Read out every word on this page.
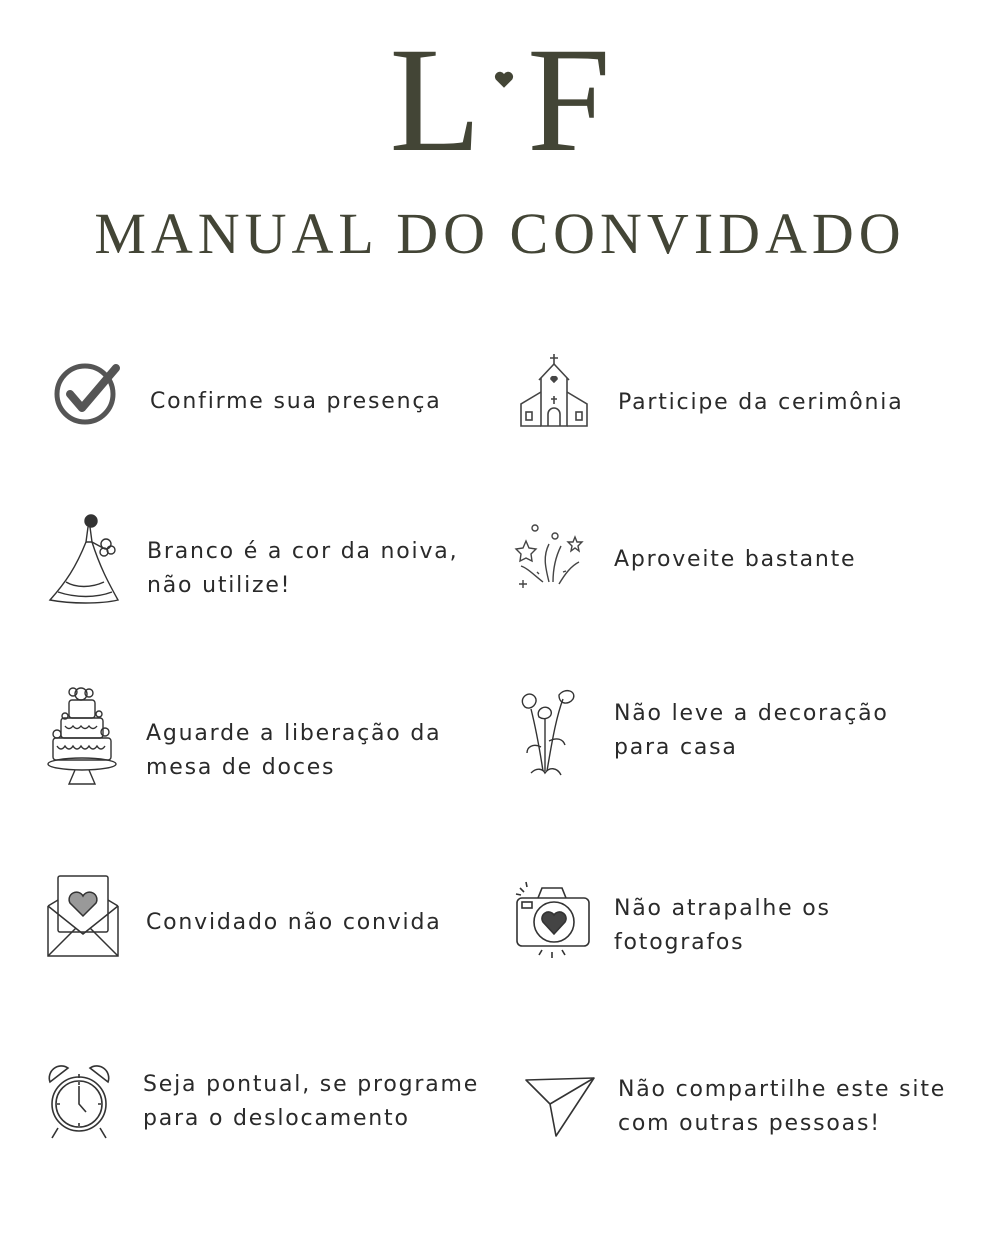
L F
MANUAL DO CONVIDADO
Confirme sua presença	Participe da cerimônia
Branco é a cor da noiva,
não utilize!
Aproveite bastante
Aguarde a liberação da
mesa de doces
Não leve a decoração
para casa
Convidado não convida
Não atrapalhe os
fotografos
Seja pontual, se programe
para o deslocamento
Não compartilhe este site
com outras pessoas!
